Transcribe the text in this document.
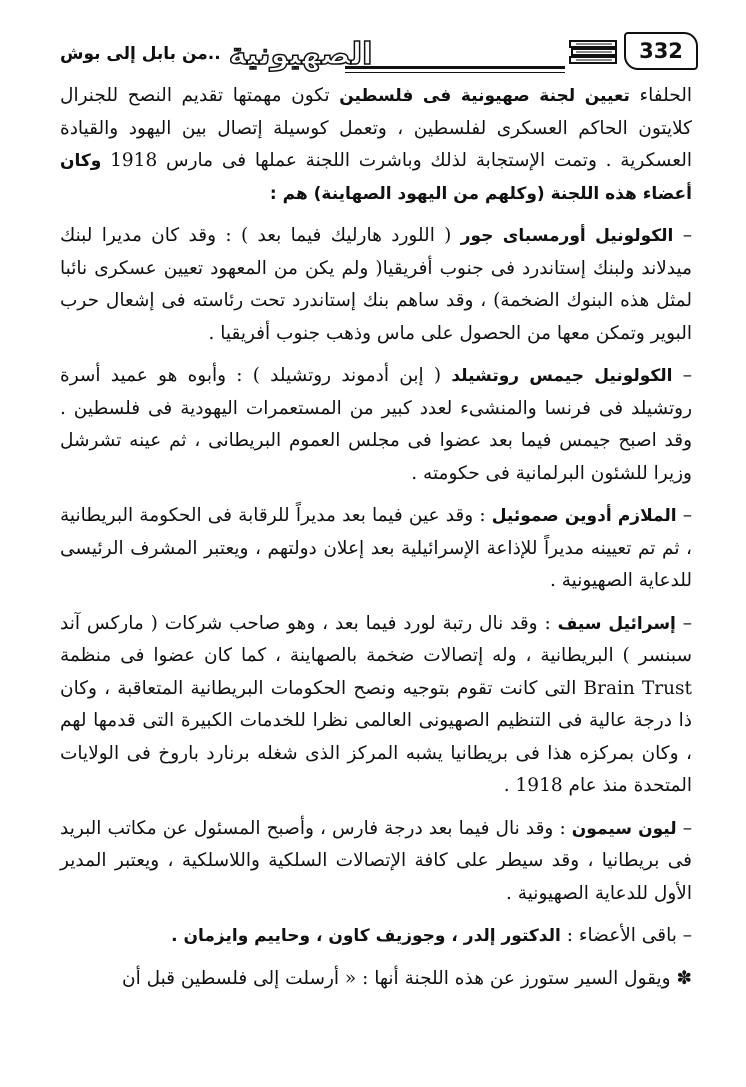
332
الصهيونية
..من بابل إلى بوش

الحلفاء تعيين لجنة صهيونية فى فلسطين تكون مهمتها تقديم النصح للجنرال كلايتون الحاكم العسكرى لفلسطين ، وتعمل كوسيلة إتصال بين اليهود والقيادة العسكرية . وتمت الإستجابة لذلك وباشرت اللجنة عملها فى مارس 1918 وكان أعضاء هذه اللجنة (وكلهم من اليهود الصهاينة) هم :

– الكولونيل أورمسباى جور ( اللورد هارليك فيما بعد ) : وقد كان مديرا لبنك ميدلاند ولبنك إستاندرد فى جنوب أفريقيا( ولم يكن من المعهود تعيين عسكرى نائبا لمثل هذه البنوك الضخمة) ، وقد ساهم بنك إستاندرد تحت رئاسته فى إشعال حرب البوير وتمكن معها من الحصول على ماس وذهب جنوب أفريقيا .

– الكولونيل جيمس روتشيلد ( إبن أدموند روتشيلد ) : وأبوه هو عميد أسرة روتشيلد فى فرنسا والمنشىء لعدد كبير من المستعمرات اليهودية فى فلسطين . وقد اصبح جيمس فيما بعد عضوا فى مجلس العموم البريطانى ، ثم عينه تشرشل وزيرا للشئون البرلمانية فى حكومته .

– الملازم أدوين صموئيل : وقد عين فيما بعد مديراً للرقابة فى الحكومة البريطانية ، ثم تم تعيينه مديراً للإذاعة الإسرائيلية بعد إعلان دولتهم ، ويعتبر المشرف الرئيسى للدعاية الصهيونية .

– إسرائيل سيف : وقد نال رتبة لورد فيما بعد ، وهو صاحب شركات ( ماركس آند سبنسر ) البريطانية ، وله إتصالات ضخمة بالصهاينة ، كما كان عضوا فى منظمة Brain Trust التى كانت تقوم بتوجيه ونصح الحكومات البريطانية المتعاقبة ، وكان ذا درجة عالية فى التنظيم الصهيونى العالمى نظرا للخدمات الكبيرة التى قدمها لهم ، وكان بمركزه هذا فى بريطانيا يشبه المركز الذى شغله برنارد باروخ فى الولايات المتحدة منذ عام 1918 .

– ليون سيمون : وقد نال فيما بعد درجة فارس ، وأصبح المسئول عن مكاتب البريد فى بريطانيا ، وقد سيطر على كافة الإتصالات السلكية واللاسلكية ، ويعتبر المدير الأول للدعاية الصهيونية .

– باقى الأعضاء : الدكتور إلدر ، وجوزيف كاون ، وحاييم وايزمان .

✽ ويقول السير ستورز عن هذه اللجنة أنها : « أرسلت إلى فلسطين قبل أن
